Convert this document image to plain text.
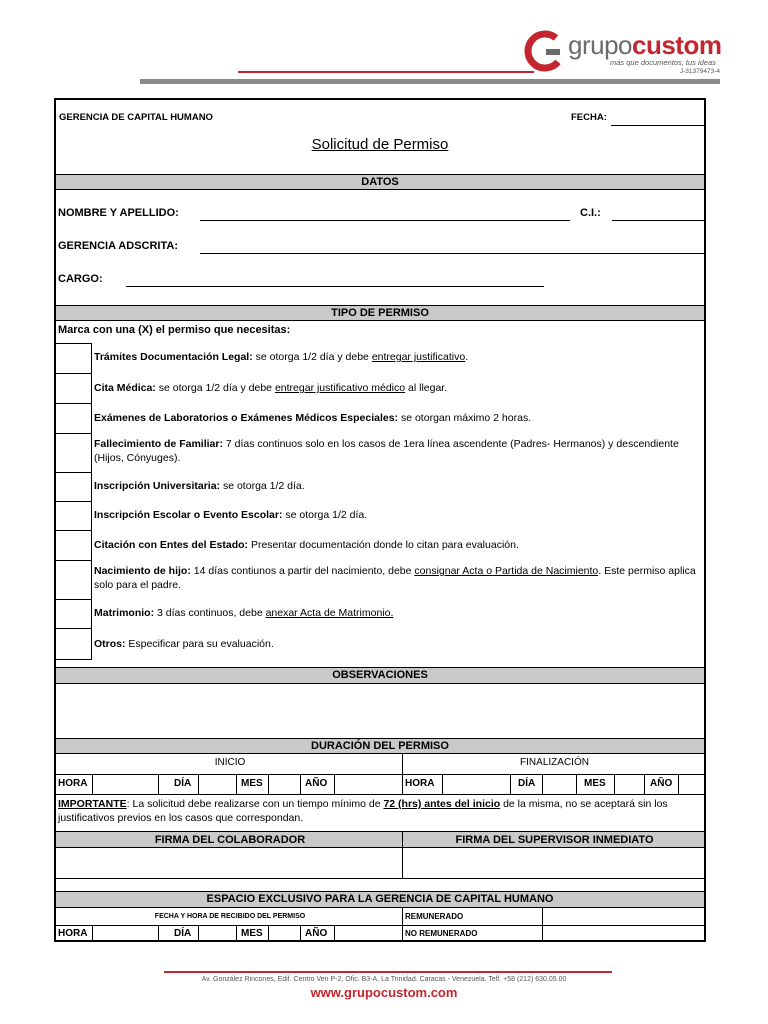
grupocustom
más que documentos, tus ideas
J-31379473-4
GERENCIA DE CAPITAL HUMANO	FECHA:
Solicitud de Permiso
DATOS
NOMBRE Y APELLIDO:	C.I.:
GERENCIA ADSCRITA:
CARGO:
TIPO DE PERMISO
Marca con una (X) el permiso que necesitas:
Trámites Documentación Legal: se otorga 1/2 día y debe entregar justificativo.
Cita Médica: se otorga 1/2 día y debe entregar justificativo médico al llegar.
Exámenes de Laboratorios o Exámenes Médicos Especiales: se otorgan máximo 2 horas.
Fallecimiento de Familiar: 7 días continuos solo en los casos de 1era línea ascendente (Padres- Hermanos) y descendiente (Hijos, Cónyuges).
Inscripción Universitaria: se otorga 1/2 día.
Inscripción Escolar o Evento Escolar: se otorga 1/2 día.
Citación con Entes del Estado: Presentar documentación donde lo citan para evaluación.
Nacimiento de hijo: 14 días contiunos a partir del nacimiento, debe consignar Acta o Partida de Nacimiento. Este permiso aplica solo para el padre.
Matrimonio: 3 días continuos, debe anexar Acta de Matrimonio.
Otros: Especificar para su evaluación.
OBSERVACIONES
DURACIÓN DEL PERMISO
INICIO	FINALIZACIÓN
HORA	DÍA	MES	AÑO	HORA	DÍA	MES	AÑO
IMPORTANTE: La solicitud debe realizarse con un tiempo mínimo de 72 (hrs) antes del inicio de la misma, no se aceptará sin los justificativos previos en los casos que correspondan.
FIRMA DEL COLABORADOR	FIRMA DEL SUPERVISOR INMEDIATO
ESPACIO EXCLUSIVO PARA LA GERENCIA DE CAPITAL HUMANO
FECHA Y HORA DE RECIBIDO DEL PERMISO	REMUNERADO
HORA	DÍA	MES	AÑO	NO REMUNERADO
Av. González Rincones, Edif. Centro Ven P-2, Ofic. B3-A, La Trinidad. Caracas - Venezuela. Telf. +58 (212) 630.05.00
www.grupocustom.com
